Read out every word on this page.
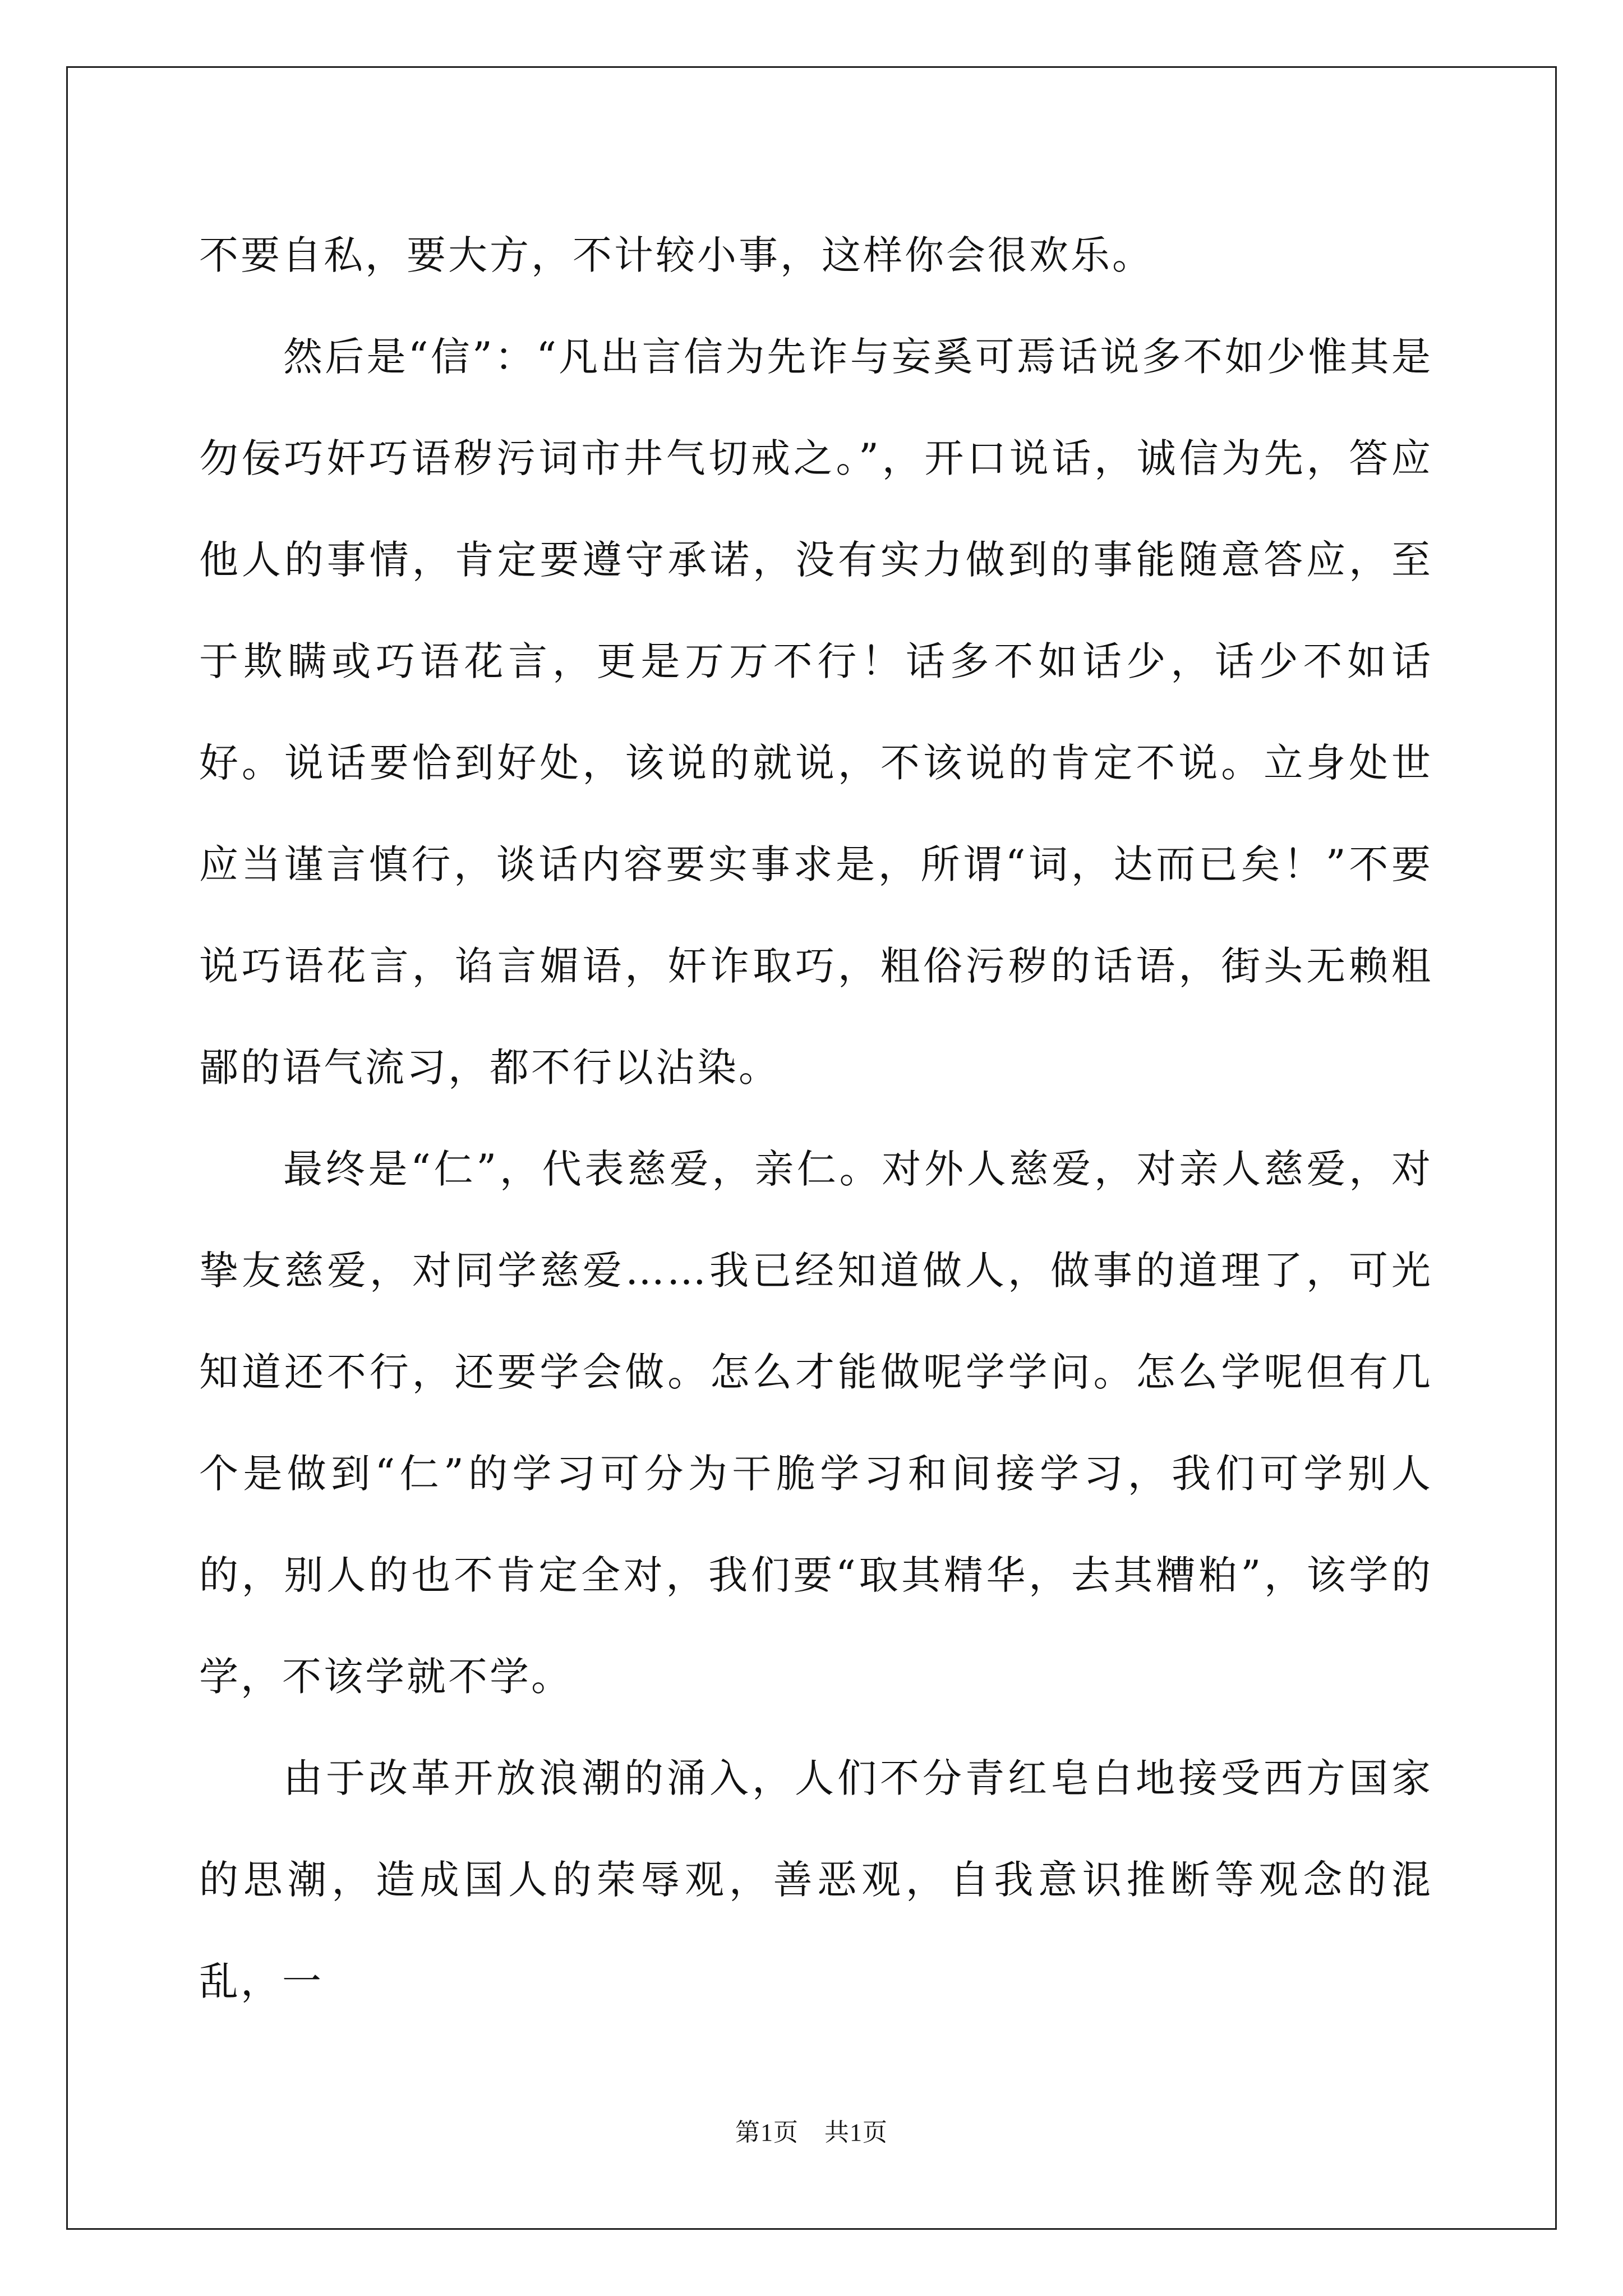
不要自私，要大方，不计较小事，这样你会很欢乐。

然后是“信”：“凡出言信为先诈与妄奚可焉话说多不如少惟其是勿佞巧奸巧语秽污词市井气切戒之。”，开口说话，诚信为先，答应他人的事情，肯定要遵守承诺，没有实力做到的事能随意答应，至于欺瞒或巧语花言，更是万万不行！话多不如话少，话少不如话好。说话要恰到好处，该说的就说，不该说的肯定不说。立身处世应当谨言慎行，谈话内容要实事求是，所谓“词，达而已矣！”不要说巧语花言，谄言媚语，奸诈取巧，粗俗污秽的话语，街头无赖粗鄙的语气流习，都不行以沾染。

最终是“仁”，代表慈爱，亲仁。对外人慈爱，对亲人慈爱，对挚友慈爱，对同学慈爱……我已经知道做人，做事的道理了，可光知道还不行，还要学会做。怎么才能做呢学学问。怎么学呢但有几个是做到“仁”的学习可分为干脆学习和间接学习，我们可学别人的，别人的也不肯定全对，我们要“取其精华，去其糟粕”，该学的学，不该学就不学。

由于改革开放浪潮的涌入，人们不分青红皂白地接受西方国家的思潮，造成国人的荣辱观，善恶观，自我意识推断等观念的混乱，一

第1页 共1页
